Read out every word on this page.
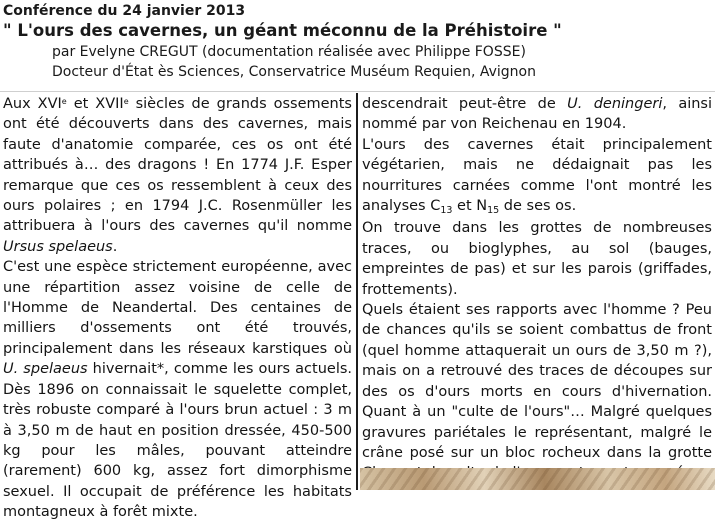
Conférence du 24 janvier 2013
" L'ours des cavernes, un géant méconnu de la Préhistoire "
par Evelyne CREGUT (documentation réalisée avec Philippe FOSSE)
Docteur d'État ès Sciences, Conservatrice Muséum Requien, Avignon

Aux XVIe et XVIIe siècles de grands ossements ont été découverts dans des cavernes, mais faute d'anatomie comparée, ces os ont été attribués à… des dragons ! En 1774 J.F. Esper remarque que ces os ressemblent à ceux des ours polaires ; en 1794 J.C. Rosenmüller les attribuera à l'ours des cavernes qu'il nomme Ursus spelaeus.

C'est une espèce strictement européenne, avec une répartition assez voisine de celle de l'Homme de Neandertal. Des centaines de milliers d'ossements ont été trouvés, principalement dans les réseaux karstiques où U. spelaeus hivernait*, comme les ours actuels. Dès 1896 on connaissait le squelette complet, très robuste comparé à l'ours brun actuel : 3 m à 3,50 m de haut en position dressée, 450-500 kg pour les mâles, pouvant atteindre (rarement) 600 kg, assez fort dimorphisme sexuel. Il occupait de préférence les habitats montagneux à forêt mixte.

descendrait peut-être de U. deningeri, ainsi nommé par von Reichenau en 1904.

L'ours des cavernes était principalement végétarien, mais ne dédaignait pas les nourritures carnées comme l'ont montré les analyses $C_{13}$ et $N_{15}$ de ses os.

On trouve dans les grottes de nombreuses traces, ou bioglyphes, au sol (bauges, empreintes de pas) et sur les parois (griffades, frottements).

Quels étaient ses rapports avec l'homme ? Peu de chances qu'ils se soient combattus de front (quel homme attaquerait un ours de 3,50 m ?), mais on a retrouvé des traces de découpes sur des os d'ours morts en cours d'hivernation. Quant à un "culte de l'ours"… Malgré quelques gravures pariétales le représentant, malgré le crâne posé sur un bloc rocheux dans la grotte
